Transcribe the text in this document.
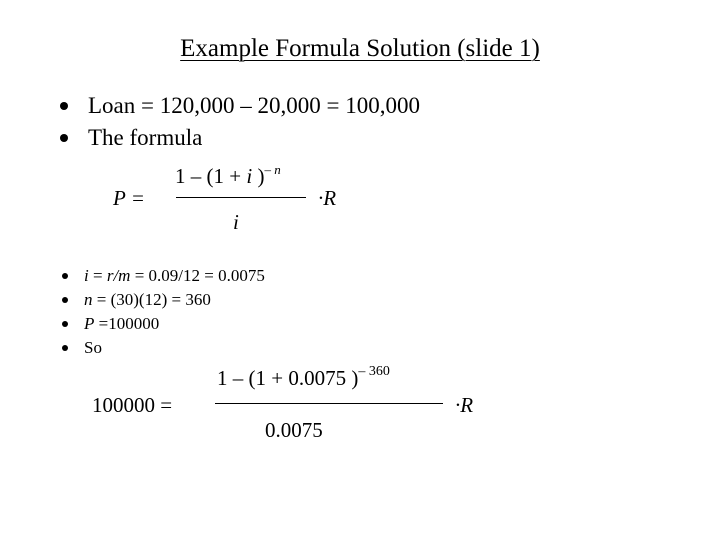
Example Formula Solution (slide 1)
Loan = 120,000 – 20,000 = 100,000
The formula
P =
1 – (1 + i )$^{- n}$
i
·R
i = r/m = 0.09/12 = 0.0075
n = (30)(12) = 360
P =100000
So
100000 =
1 – (1 + 0.0075 )$^{- 360}$
0.0075
·R
